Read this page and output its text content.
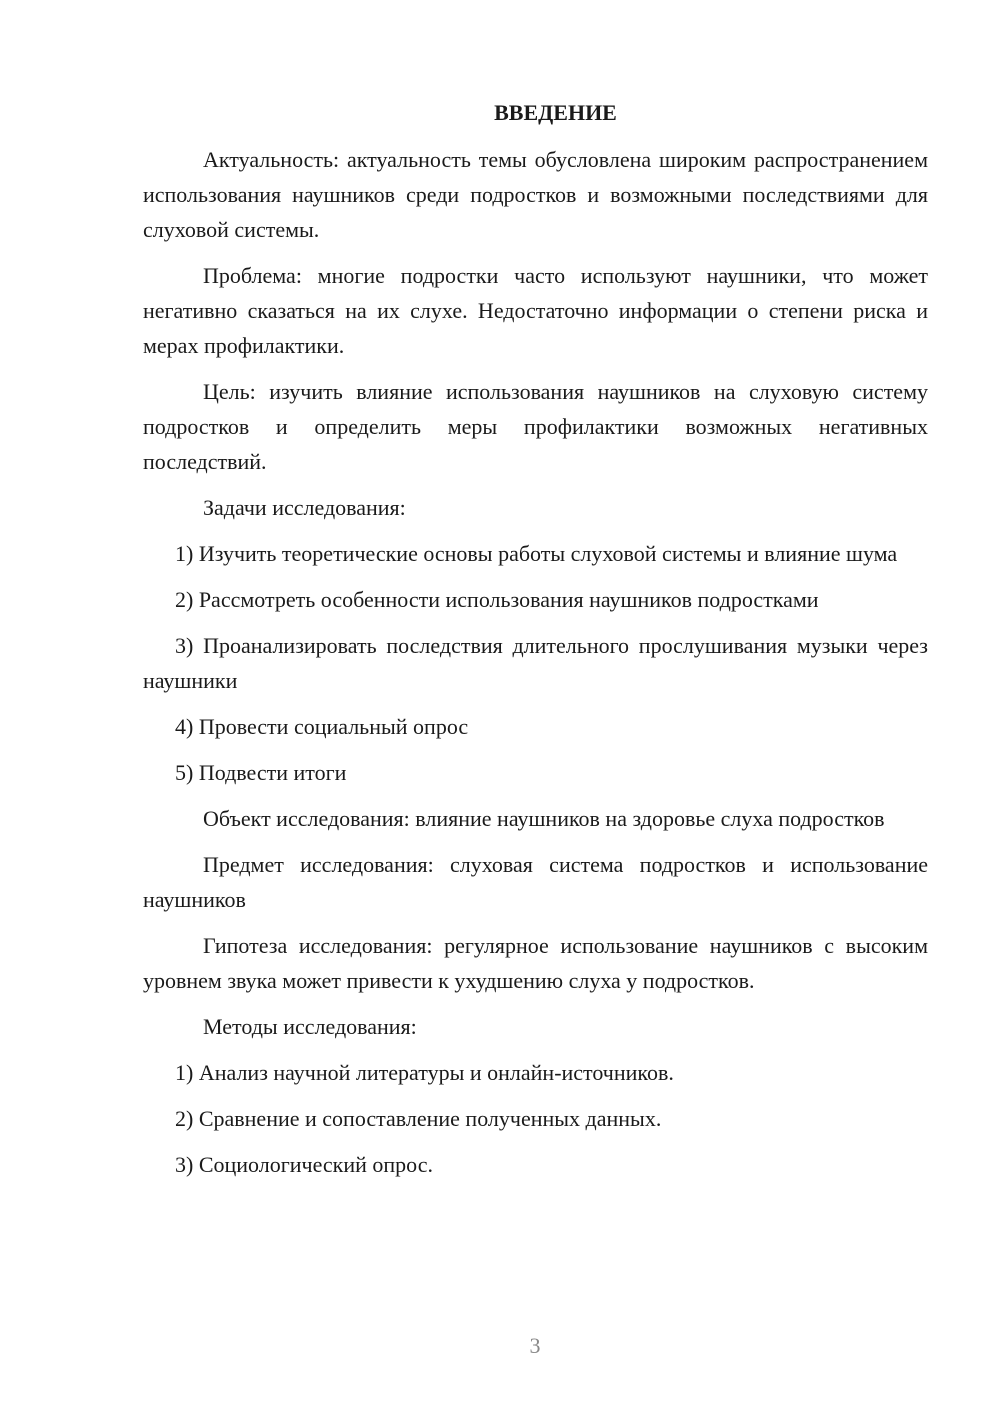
ВВЕДЕНИЕ

Актуальность: актуальность темы обусловлена широким распространением использования наушников среди подростков и возможными последствиями для слуховой системы.

Проблема: многие подростки часто используют наушники, что может негативно сказаться на их слухе. Недостаточно информации о степени риска и мерах профилактики.

Цель: изучить влияние использования наушников на слуховую систему подростков и определить меры профилактики возможных негативных последствий.

Задачи исследования:

1) Изучить теоретические основы работы слуховой системы и влияние шума

2) Рассмотреть особенности использования наушников подростками

3) Проанализировать последствия длительного прослушивания музыки через наушники

4) Провести социальный опрос

5) Подвести итоги

Объект исследования: влияние наушников на здоровье слуха подростков

Предмет исследования: слуховая система подростков и использование наушников

Гипотеза исследования: регулярное использование наушников с высоким уровнем звука может привести к ухудшению слуха у подростков.

Методы исследования:

1) Анализ научной литературы и онлайн-источников.

2) Сравнение и сопоставление полученных данных.

3) Социологический опрос.

3
